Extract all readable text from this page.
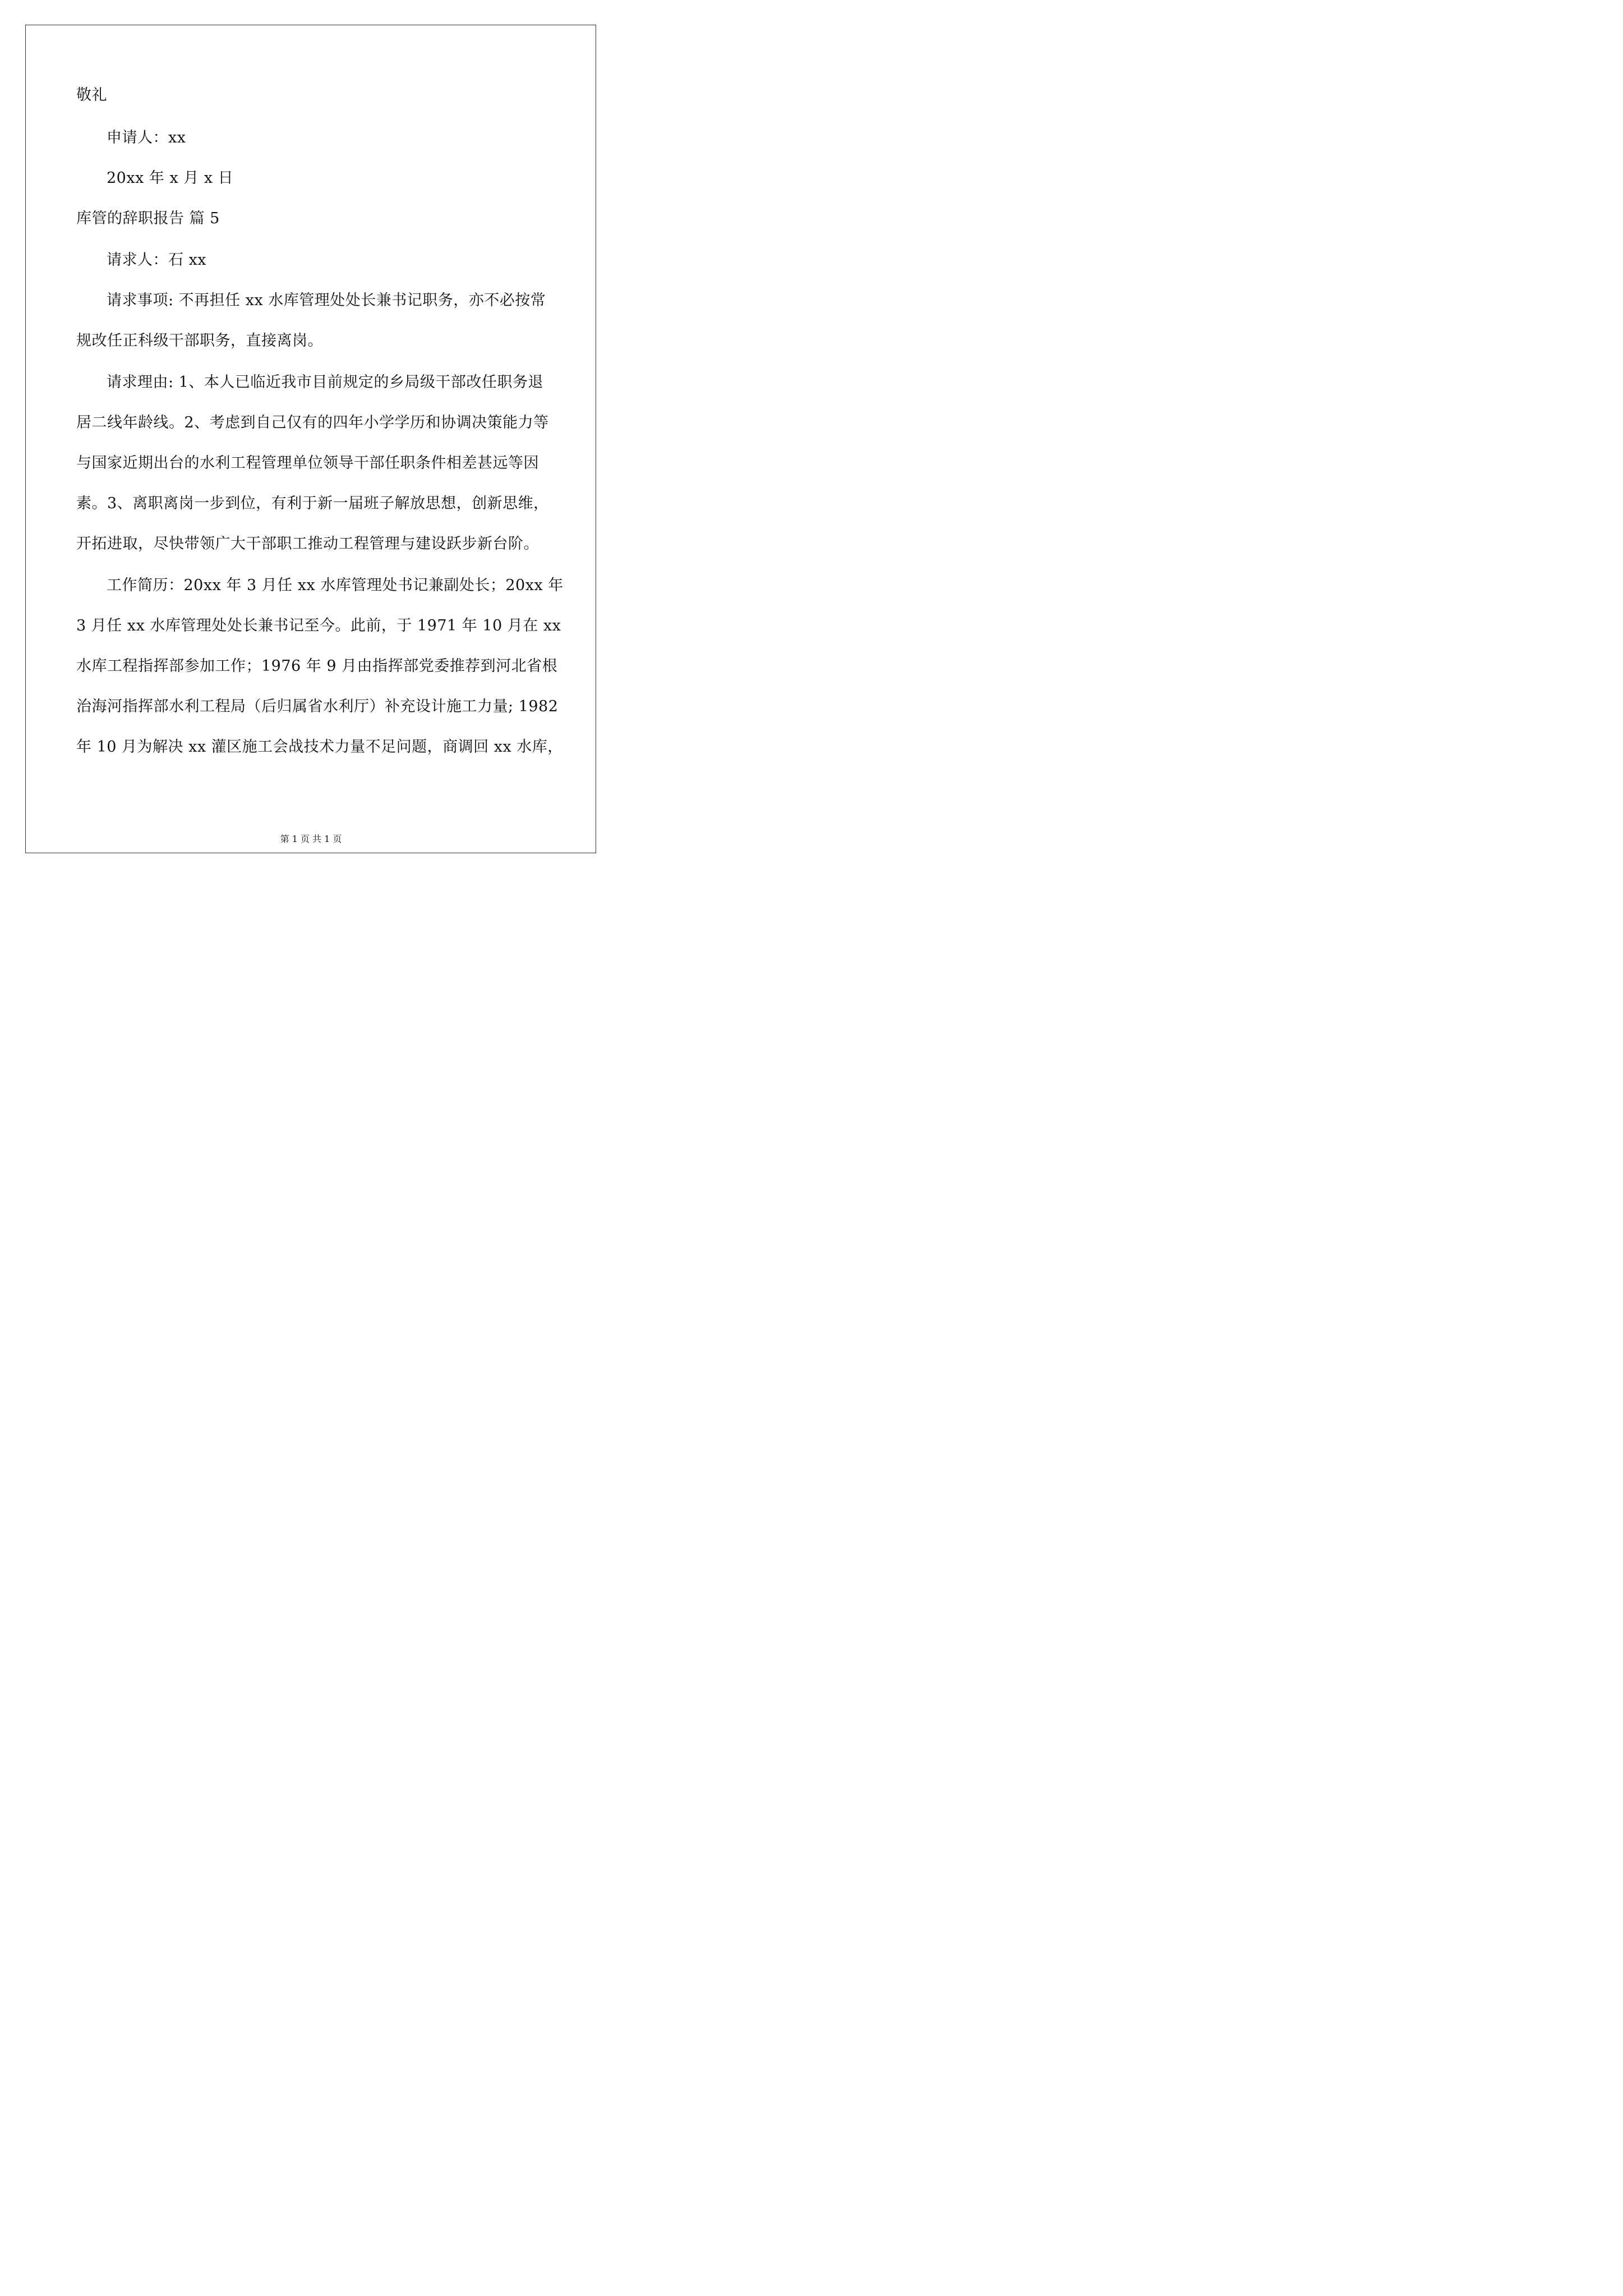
敬礼
申请人：xx
20xx 年 x 月 x 日
库管的辞职报告 篇 5
请求人：石 xx
请求事项: 不再担任 xx 水库管理处处长兼书记职务，亦不必按常
规改任正科级干部职务，直接离岗。
请求理由: 1、本人已临近我市目前规定的乡局级干部改任职务退
居二线年龄线。2、考虑到自己仅有的四年小学学历和协调决策能力等
与国家近期出台的水利工程管理单位领导干部任职条件相差甚远等因
素。3、离职离岗一步到位，有利于新一届班子解放思想，创新思维，
开拓进取，尽快带领广大干部职工推动工程管理与建设跃步新台阶。
工作简历：20xx 年 3 月任 xx 水库管理处书记兼副处长；20xx 年
3 月任 xx 水库管理处处长兼书记至今。此前，于 1971 年 10 月在 xx
水库工程指挥部参加工作；1976 年 9 月由指挥部党委推荐到河北省根
治海河指挥部水利工程局（后归属省水利厅）补充设计施工力量; 1982
年 10 月为解决 xx 灌区施工会战技术力量不足问题，商调回 xx 水库，
第 1 页 共 1 页
